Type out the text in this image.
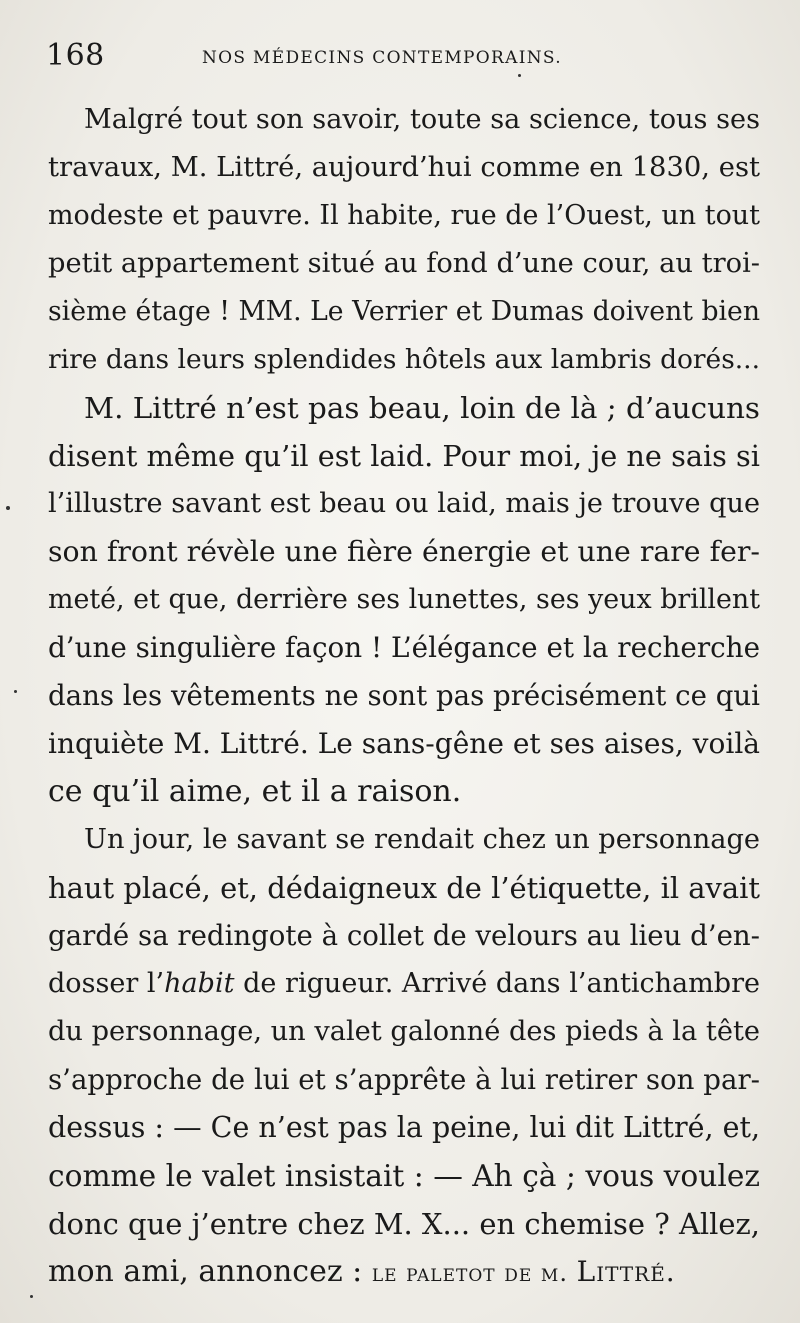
168	NOS MÉDECINS CONTEMPORAINS.
Malgré tout son savoir, toute sa science, tous ses
travaux, M. Littré, aujourd’hui comme en 1830, est
modeste et pauvre. Il habite, rue de l’Ouest, un tout
petit appartement situé au fond d’une cour, au troi-
sième étage ! MM. Le Verrier et Dumas doivent bien
rire dans leurs splendides hôtels aux lambris dorés...
M. Littré n’est pas beau, loin de là ; d’aucuns
disent même qu’il est laid. Pour moi, je ne sais si
l’illustre savant est beau ou laid, mais je trouve que
son front révèle une fière énergie et une rare fer-
meté, et que, derrière ses lunettes, ses yeux brillent
d’une singulière façon ! L’élégance et la recherche
dans les vêtements ne sont pas précisément ce qui
inquiète M. Littré. Le sans-gêne et ses aises, voilà
ce qu’il aime, et il a raison.
Un jour, le savant se rendait chez un personnage
haut placé, et, dédaigneux de l’étiquette, il avait
gardé sa redingote à collet de velours au lieu d’en-
dosser l’habit de rigueur. Arrivé dans l’antichambre
du personnage, un valet galonné des pieds à la tête
s’approche de lui et s’apprête à lui retirer son par-
dessus : — Ce n’est pas la peine, lui dit Littré, et,
comme le valet insistait : — Ah çà ; vous voulez
donc que j’entre chez M. X... en chemise ? Allez,
mon ami, annoncez : le paletot de m. Littré.
